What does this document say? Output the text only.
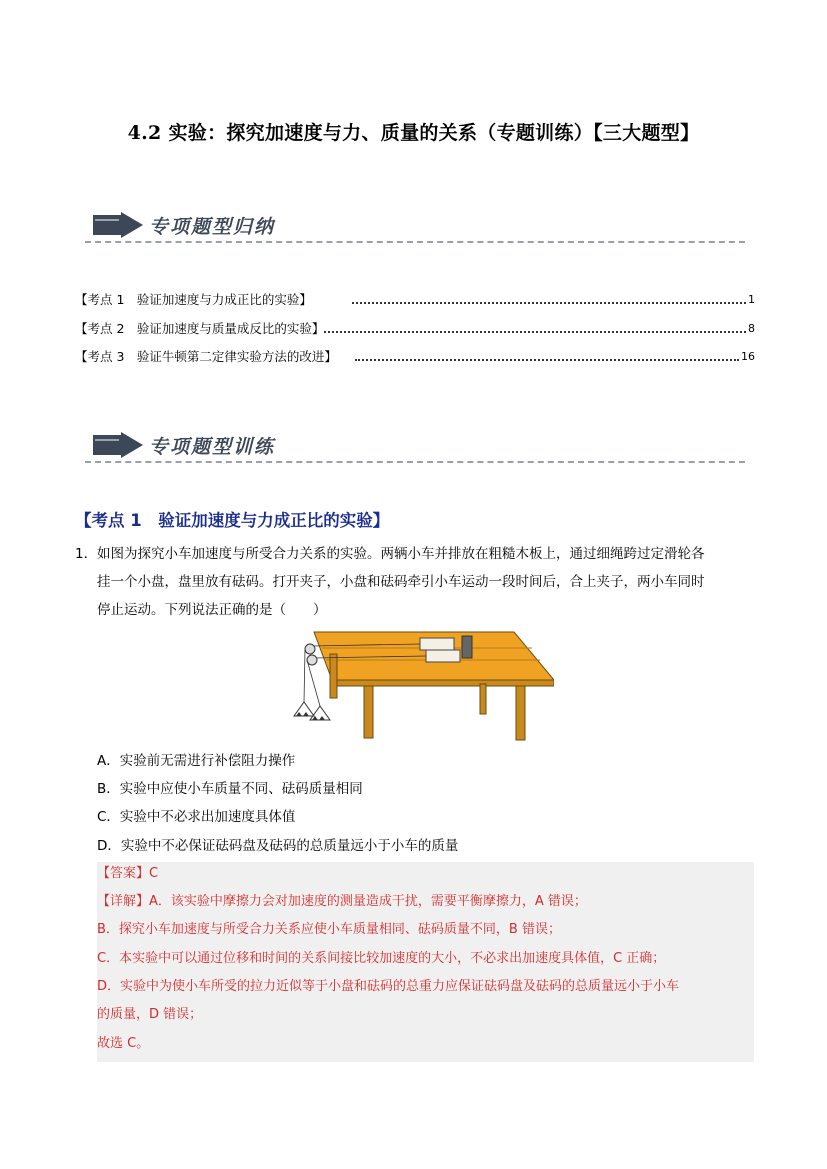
4.2 实验：探究加速度与力、质量的关系（专题训练）【三大题型】
专项题型归纳
【考点 1　验证加速度与力成正比的实验】	1
【考点 2　验证加速度与质量成反比的实验】	8
【考点 3　验证牛顿第二定律实验方法的改进】	16
专项题型训练
【考点 1　验证加速度与力成正比的实验】
1．如图为探究小车加速度与所受合力关系的实验。两辆小车并排放在粗糙木板上，通过细绳跨过定滑轮各
挂一个小盘，盘里放有砝码。打开夹子，小盘和砝码牵引小车运动一段时间后，合上夹子，两小车同时
停止运动。下列说法正确的是（　　）
A．实验前无需进行补偿阻力操作
B．实验中应使小车质量不同、砝码质量相同
C．实验中不必求出加速度具体值
D．实验中不必保证砝码盘及砝码的总质量远小于小车的质量
【答案】C
【详解】A．该实验中摩擦力会对加速度的测量造成干扰，需要平衡摩擦力，A 错误；
B．探究小车加速度与所受合力关系应使小车质量相同、砝码质量不同，B 错误；
C．本实验中可以通过位移和时间的关系间接比较加速度的大小，不必求出加速度具体值，C 正确；
D．实验中为使小车所受的拉力近似等于小盘和砝码的总重力应保证砝码盘及砝码的总质量远小于小车
的质量，D 错误；
故选 C。
